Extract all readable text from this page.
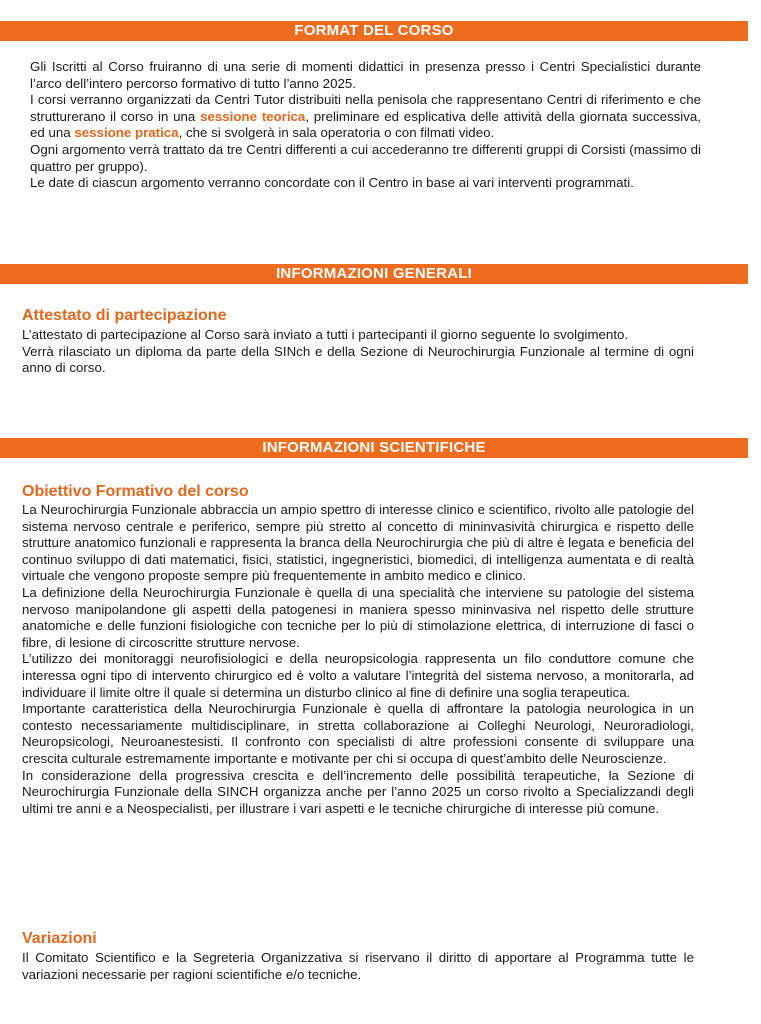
FORMAT DEL CORSO

Gli Iscritti al Corso fruiranno di una serie di momenti didattici in presenza presso i Centri Specialistici durante l’arco dell’intero percorso formativo di tutto l’anno 2025.

I corsi verranno organizzati da Centri Tutor distribuiti nella penisola che rappresentano Centri di riferimento e che strutturerano il corso in una sessione teorica, preliminare ed esplicativa delle attività della giornata successiva, ed una sessione pratica, che si svolgerà in sala operatoria o con filmati video.

Ogni argomento verrà trattato da tre Centri differenti a cui accederanno tre differenti gruppi di Corsisti (massimo di quattro per gruppo).

Le date di ciascun argomento verranno concordate con il Centro in base ai vari interventi programmati.

INFORMAZIONI GENERALI
Attestato di partecipazione

L’attestato di partecipazione al Corso sarà inviato a tutti i partecipanti il giorno seguente lo svolgimento.

Verrà rilasciato un diploma da parte della SINch e della Sezione di Neurochirurgia Funzionale al termine di ogni anno di corso.

INFORMAZIONI SCIENTIFICHE
Obiettivo Formativo del corso

La Neurochirurgia Funzionale abbraccia un ampio spettro di interesse clinico e scientifico, rivolto alle patologie del sistema nervoso centrale e periferico, sempre più stretto al concetto di mininvasività chirurgica e rispetto delle strutture anatomico funzionali e rappresenta la branca della Neurochirurgia che più di altre è legata e beneficia del continuo sviluppo di dati matematici, fisici, statistici, ingegneristici, biomedici, di intelligenza aumentata e di realtà virtuale che vengono proposte sempre più frequentemente in ambito medico e clinico.

La definizione della Neurochirurgia Funzionale è quella di una specialità che interviene su patologie del sistema nervoso manipolandone gli aspetti della patogenesi in maniera spesso mininvasiva nel rispetto delle strutture anatomiche e delle funzioni fisiologiche con tecniche per lo più di stimolazione elettrica, di interruzione di fasci o fibre, di lesione di circoscritte strutture nervose.

L’utilizzo dei monitoraggi neurofisiologici e della neuropsicologia rappresenta un filo conduttore comune che interessa ogni tipo di intervento chirurgico ed è volto a valutare l’integrità del sistema nervoso, a monitorarla, ad individuare il limite oltre il quale si determina un disturbo clinico al fine di definire una soglia terapeutica.

Importante caratteristica della Neurochirurgia Funzionale è quella di affrontare la patologia neurologica in un contesto necessariamente multidisciplinare, in stretta collaborazione ai Colleghi Neurologi, Neuroradiologi, Neuropsicologi, Neuroanestesisti. Il confronto con specialisti di altre professioni consente di sviluppare una crescita culturale estremamente importante e motivante per chi si occupa di quest’ambito delle Neuroscienze.

In considerazione della progressiva crescita e dell’incremento delle possibilità terapeutiche, la Sezione di Neurochirurgia Funzionale della SINCH organizza anche per l’anno 2025 un corso rivolto a Specializzandi degli ultimi tre anni e a Neospecialisti, per illustrare i vari aspetti e le tecniche chirurgiche di interesse più comune.

Variazioni

Il Comitato Scientifico e la Segreteria Organizzativa si riservano il diritto di apportare al Programma tutte le variazioni necessarie per ragioni scientifiche e/o tecniche.
